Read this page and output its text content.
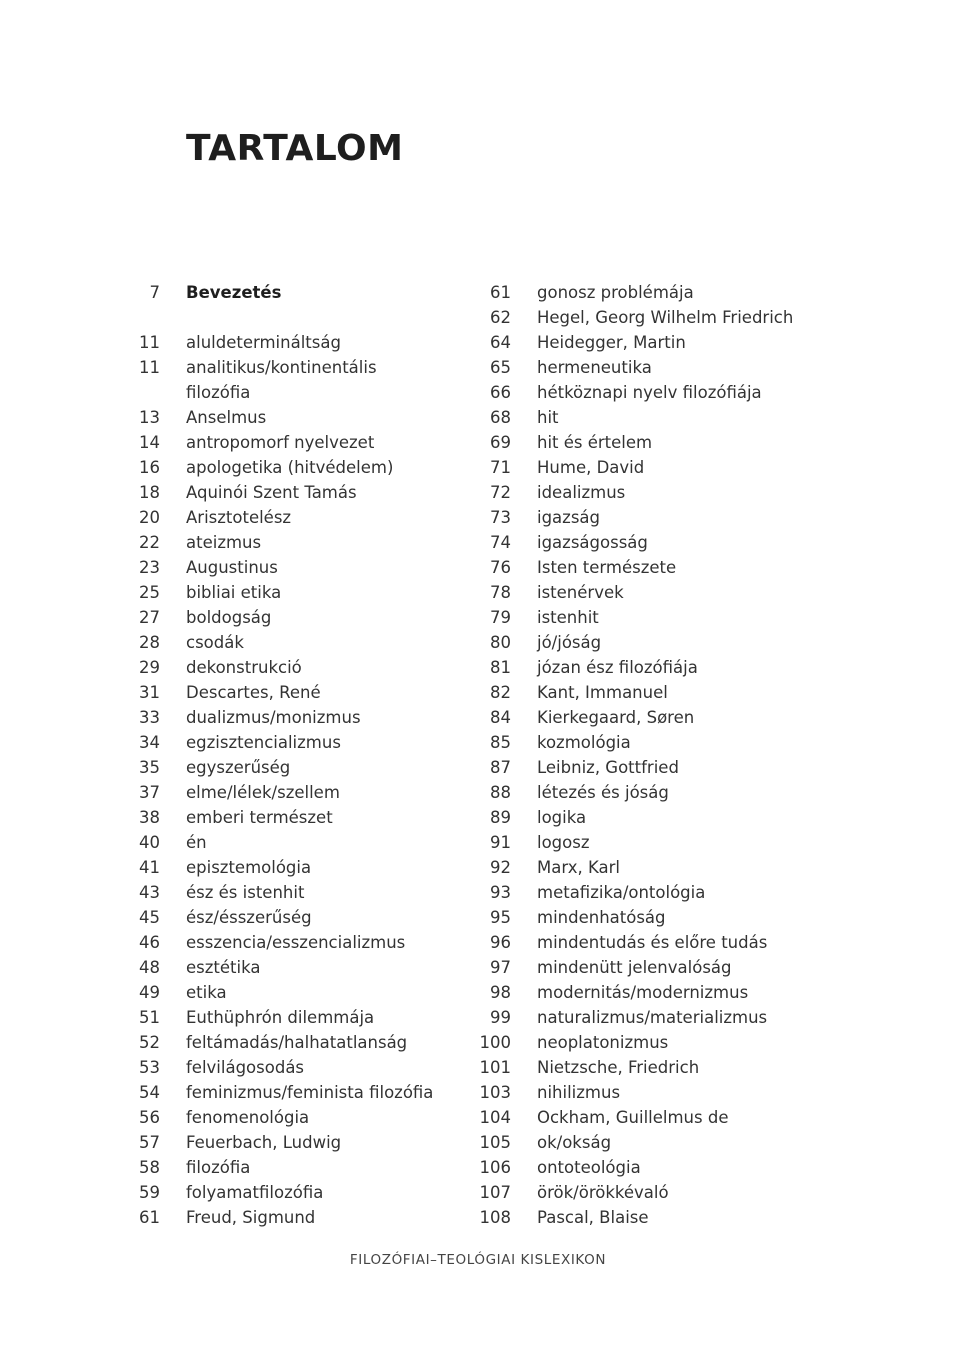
TARTALOM
7 Bevezetés
11 aluldetermináltság
11 analitikus/kontinentális
filozófia
13 Anselmus
14 antropomorf nyelvezet
16 apologetika (hitvédelem)
18 Aquinói Szent Tamás
20 Arisztotelész
22 ateizmus
23 Augustinus
25 bibliai etika
27 boldogság
28 csodák
29 dekonstrukció
31 Descartes, René
33 dualizmus/monizmus
34 egzisztencializmus
35 egyszerűség
37 elme/lélek/szellem
38 emberi természet
40 én
41 episztemológia
43 ész és istenhit
45 ész/ésszerűség
46 esszencia/esszencializmus
48 esztétika
49 etika
51 Euthüphrón dilemmája
52 feltámadás/halhatatlanság
53 felvilágosodás
54 feminizmus/feminista filozófia
56 fenomenológia
57 Feuerbach, Ludwig
58 filozófia
59 folyamatfilozófia
61 Freud, Sigmund
61 gonosz problémája
62 Hegel, Georg Wilhelm Friedrich
64 Heidegger, Martin
65 hermeneutika
66 hétköznapi nyelv filozófiája
68 hit
69 hit és értelem
71 Hume, David
72 idealizmus
73 igazság
74 igazságosság
76 Isten természete
78 istenérvek
79 istenhit
80 jó/jóság
81 józan ész filozófiája
82 Kant, Immanuel
84 Kierkegaard, Søren
85 kozmológia
87 Leibniz, Gottfried
88 létezés és jóság
89 logika
91 logosz
92 Marx, Karl
93 metafizika/ontológia
95 mindenhatóság
96 mindentudás és előre tudás
97 mindenütt jelenvalóság
98 modernitás/modernizmus
99 naturalizmus/materializmus
100 neoplatonizmus
101 Nietzsche, Friedrich
103 nihilizmus
104 Ockham, Guillelmus de
105 ok/okság
106 ontoteológia
107 örök/örökkévaló
108 Pascal, Blaise
FILOZÓFIAI–TEOLÓGIAI KISLEXIKON
